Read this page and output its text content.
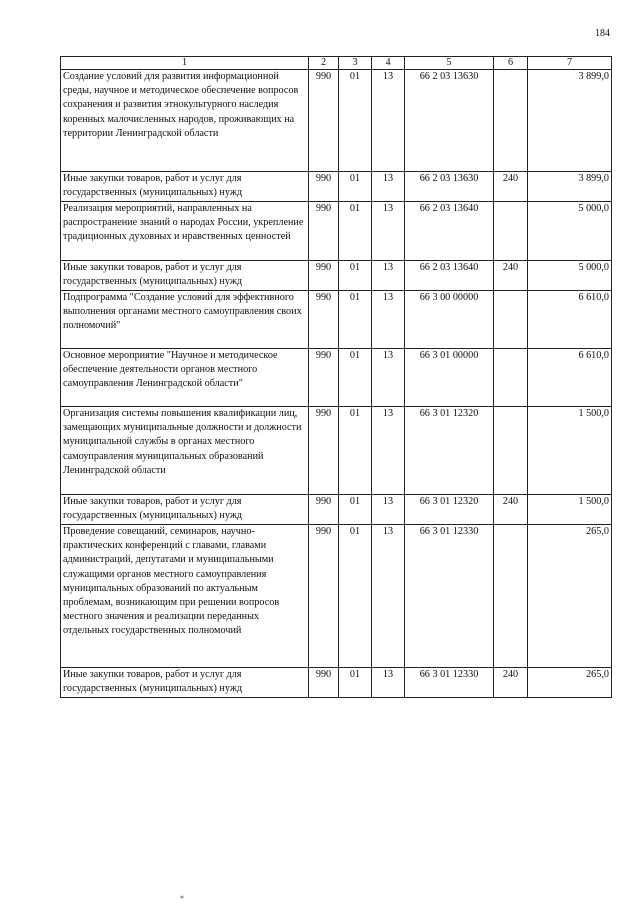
184
1	2	3	4	5	6	7
Создание условий для развития информационной среды, научное и методическое обеспечение вопросов сохранения и развития этнокультурного наследия коренных малочисленных народов, проживающих на территории Ленинградской области	990	01	13	66 2 03 13630		3 899,0
Иные закупки товаров, работ и услуг для государственных (муниципальных) нужд	990	01	13	66 2 03 13630	240	3 899,0
Реализация мероприятий, направленных на распространение знаний о народах России, укрепление традиционных духовных и нравственных ценностей	990	01	13	66 2 03 13640		5 000,0
Иные закупки товаров, работ и услуг для государственных (муниципальных) нужд	990	01	13	66 2 03 13640	240	5 000,0
Подпрограмма "Создание условий для эффективного выполнения органами местного самоуправления своих полномочий"	990	01	13	66 3 00 00000		6 610,0
Основное мероприятие "Научное и методическое обеспечение деятельности органов местного самоуправления Ленинградской области"	990	01	13	66 3 01 00000		6 610,0
Организация системы повышения квалификации лиц, замещающих муниципальные должности и должности муниципальной службы в органах местного самоуправления муниципальных образований Ленинградской области	990	01	13	66 3 01 12320		1 500,0
Иные закупки товаров, работ и услуг для государственных (муниципальных) нужд	990	01	13	66 3 01 12320	240	1 500,0
Проведение совещаний, семинаров, научно-практических конференций с главами, главами администраций, депутатами и муниципальными служащими органов местного самоуправления муниципальных образований по актуальным проблемам, возникающим при решении вопросов местного значения и реализации переданных отдельных государственных полномочий	990	01	13	66 3 01 12330		265,0
Иные закупки товаров, работ и услуг для государственных (муниципальных) нужд	990	01	13	66 3 01 12330	240	265,0
*
